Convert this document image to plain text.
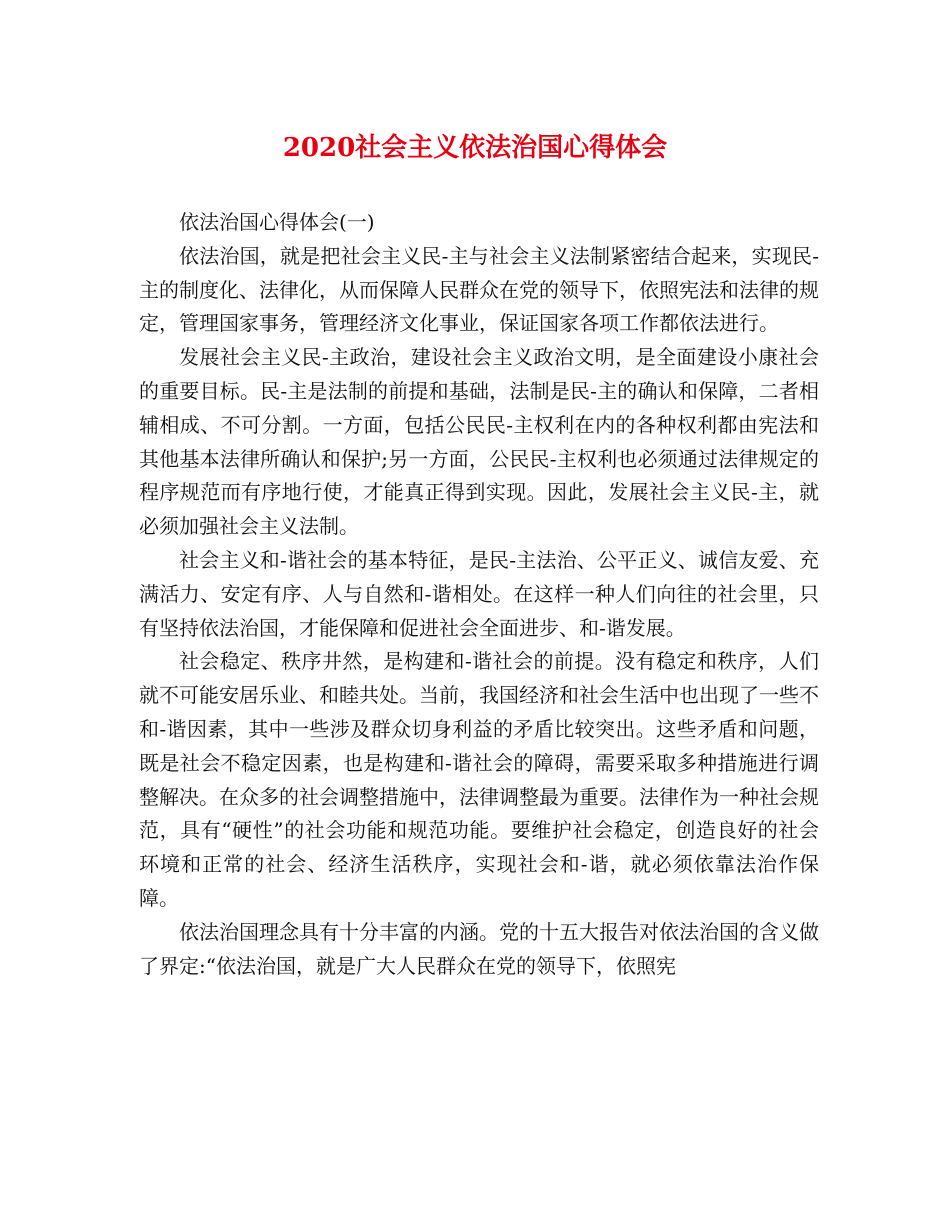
2020社会主义依法治国心得体会

依法治国心得体会(一)

依法治国，就是把社会主义民-主与社会主义法制紧密结合起来，实现民-主的制度化、法律化，从而保障人民群众在党的领导下，依照宪法和法律的规定，管理国家事务，管理经济文化事业，保证国家各项工作都依法进行。

发展社会主义民-主政治，建设社会主义政治文明，是全面建设小康社会的重要目标。民-主是法制的前提和基础，法制是民-主的确认和保障，二者相辅相成、不可分割。一方面，包括公民民-主权利在内的各种权利都由宪法和其他基本法律所确认和保护;另一方面，公民民-主权利也必须通过法律规定的程序规范而有序地行使，才能真正得到实现。因此，发展社会主义民-主，就必须加强社会主义法制。

社会主义和-谐社会的基本特征，是民-主法治、公平正义、诚信友爱、充满活力、安定有序、人与自然和-谐相处。在这样一种人们向往的社会里，只有坚持依法治国，才能保障和促进社会全面进步、和-谐发展。

社会稳定、秩序井然，是构建和-谐社会的前提。没有稳定和秩序，人们就不可能安居乐业、和睦共处。当前，我国经济和社会生活中也出现了一些不和-谐因素，其中一些涉及群众切身利益的矛盾比较突出。这些矛盾和问题，既是社会不稳定因素，也是构建和-谐社会的障碍，需要采取多种措施进行调整解决。在众多的社会调整措施中，法律调整最为重要。法律作为一种社会规范，具有“硬性”的社会功能和规范功能。要维护社会稳定，创造良好的社会环境和正常的社会、经济生活秩序，实现社会和-谐，就必须依靠法治作保障。

依法治国理念具有十分丰富的内涵。党的十五大报告对依法治国的含义做了界定:“依法治国，就是广大人民群众在党的领导下，依照宪
